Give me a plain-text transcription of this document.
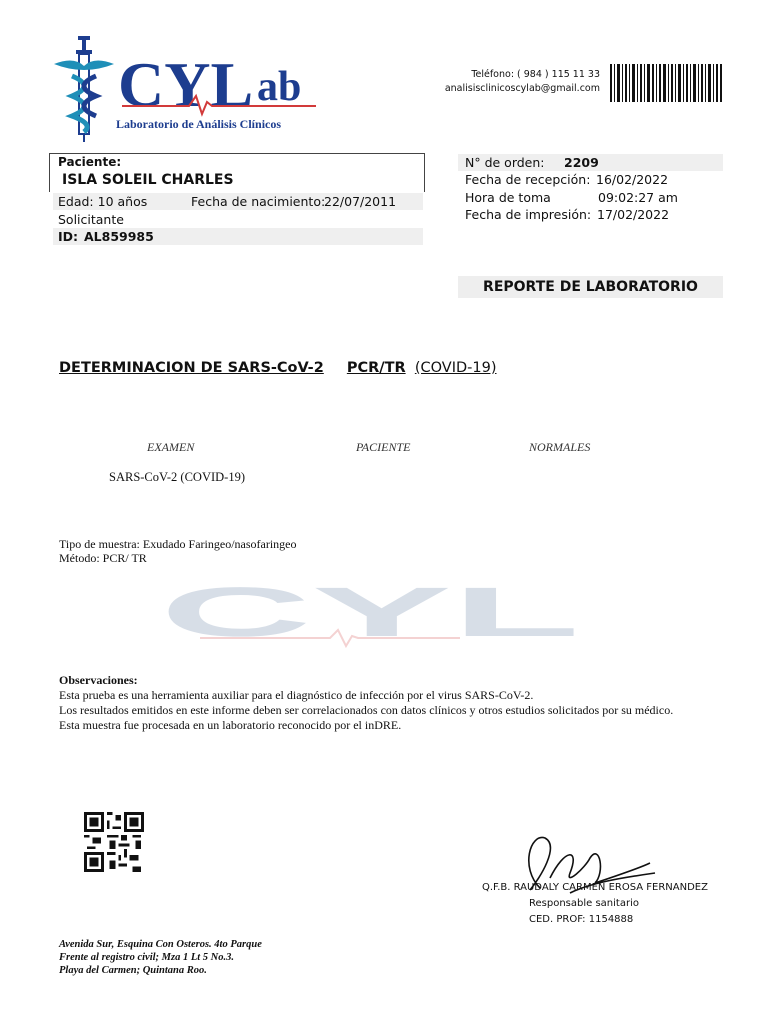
CYL ab
Laboratorio de Análisis Clínicos
Teléfono: ( 984 ) 115 11 33
analisisclinicoscylab@gmail.com
Paciente:
ISLA SOLEIL CHARLES
Edad: 10 años	Fecha de nacimiento:
22/07/2011
Solicitante
ID: AL859985
N° de orden: 2209
Fecha de recepción: 16/02/2022
Hora de toma	09:02:27 am
Fecha de impresión: 17/02/2022
REPORTE DE LABORATORIO
DETERMINACION DE SARS-CoV-2 PCR/TR (COVID-19)
EXAMEN	PACIENTE	NORMALES
SARS-CoV-2 (COVID-19)
Tipo de muestra: Exudado Faringeo/nasofaringeo
Método: PCR/ TR
CYL
Observaciones:
Esta prueba es una herramienta auxiliar para el diagnóstico de infección por el virus SARS-CoV-2.
Los resultados emitidos en este informe deben ser correlacionados con datos clínicos y otros estudios solicitados por su médico.
Esta muestra fue procesada en un laboratorio reconocido por el inDRE.
Q.F.B. RAUDALY CARMEN EROSA FERNANDEZ
Responsable sanitario
CED. PROF: 1154888
Avenida Sur, Esquina Con Osteros. 4to Parque
Frente al registro civil; Mza 1 Lt 5 No.3.
Playa del Carmen; Quintana Roo.
